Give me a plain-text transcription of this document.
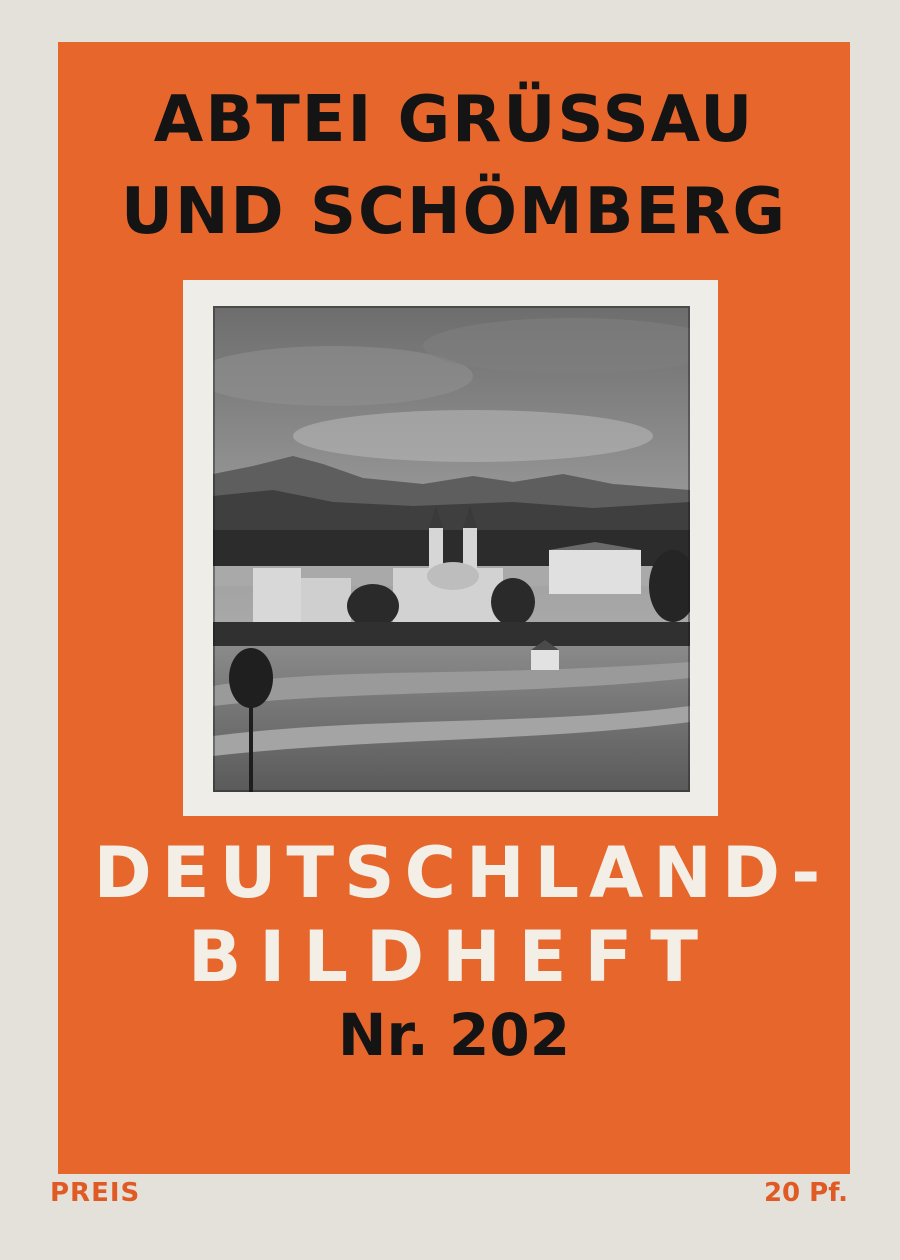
ABTEI GRÜSSAU
UND SCHÖMBERG
DEUTSCHLAND-
BILDHEFT
Nr. 202
PREIS	20 Pf.
